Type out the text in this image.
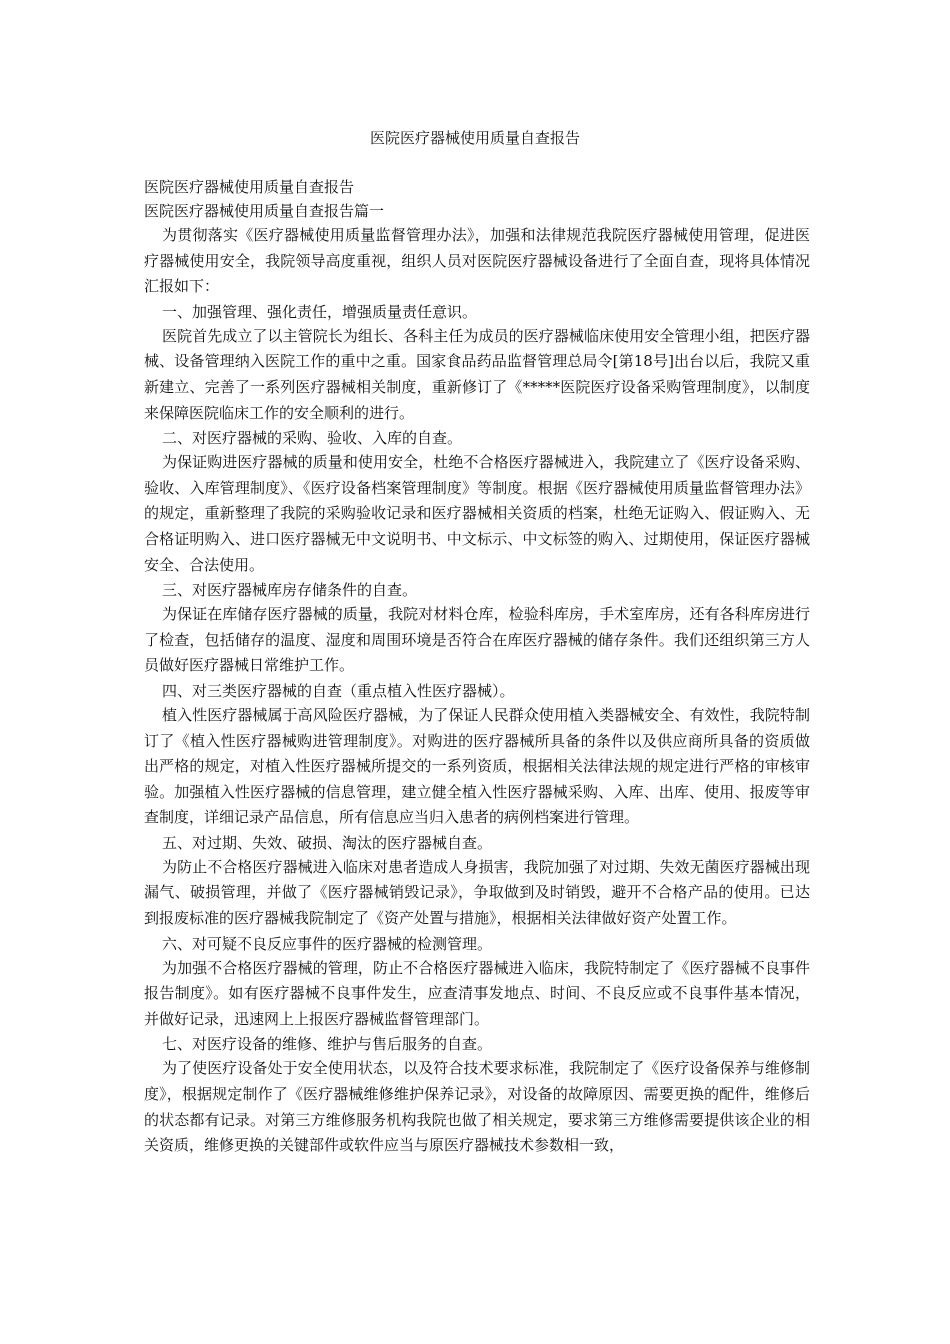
医院医疗器械使用质量自查报告

医院医疗器械使用质量自查报告

医院医疗器械使用质量自查报告篇一

为贯彻落实《医疗器械使用质量监督管理办法》，加强和法律规范我院医疗器械使用管理，促进医疗器械使用安全，我院领导高度重视，组织人员对医院医疗器械设备进行了全面自查，现将具体情况汇报如下：

一、加强管理、强化责任，增强质量责任意识。

医院首先成立了以主管院长为组长、各科主任为成员的医疗器械临床使用安全管理小组，把医疗器械、设备管理纳入医院工作的重中之重。国家食品药品监督管理总局令[第18号]出台以后，我院又重新建立、完善了一系列医疗器械相关制度，重新修订了《*****医院医疗设备采购管理制度》，以制度来保障医院临床工作的安全顺利的进行。

二、对医疗器械的采购、验收、入库的自查。

为保证购进医疗器械的质量和使用安全，杜绝不合格医疗器械进入，我院建立了《医疗设备采购、验收、入库管理制度》、《医疗设备档案管理制度》等制度。根据《医疗器械使用质量监督管理办法》的规定，重新整理了我院的采购验收记录和医疗器械相关资质的档案，杜绝无证购入、假证购入、无合格证明购入、进口医疗器械无中文说明书、中文标示、中文标签的购入、过期使用，保证医疗器械安全、合法使用。

三、对医疗器械库房存储条件的自查。

为保证在库储存医疗器械的质量，我院对材料仓库，检验科库房，手术室库房，还有各科库房进行了检查，包括储存的温度、湿度和周围环境是否符合在库医疗器械的储存条件。我们还组织第三方人员做好医疗器械日常维护工作。

四、对三类医疗器械的自查（重点植入性医疗器械）。

植入性医疗器械属于高风险医疗器械，为了保证人民群众使用植入类器械安全、有效性，我院特制订了《植入性医疗器械购进管理制度》。对购进的医疗器械所具备的条件以及供应商所具备的资质做出严格的规定，对植入性医疗器械所提交的一系列资质，根据相关法律法规的规定进行严格的审核审验。加强植入性医疗器械的信息管理，建立健全植入性医疗器械采购、入库、出库、使用、报废等审查制度，详细记录产品信息，所有信息应当归入患者的病例档案进行管理。

五、对过期、失效、破损、淘汰的医疗器械自查。

为防止不合格医疗器械进入临床对患者造成人身损害，我院加强了对过期、失效无菌医疗器械出现漏气、破损管理，并做了《医疗器械销毁记录》，争取做到及时销毁，避开不合格产品的使用。已达到报废标准的医疗器械我院制定了《资产处置与措施》，根据相关法律做好资产处置工作。

六、对可疑不良反应事件的医疗器械的检测管理。

为加强不合格医疗器械的管理，防止不合格医疗器械进入临床，我院特制定了《医疗器械不良事件报告制度》。如有医疗器械不良事件发生，应查清事发地点、时间、不良反应或不良事件基本情况，并做好记录，迅速网上上报医疗器械监督管理部门。

七、对医疗设备的维修、维护与售后服务的自查。

为了使医疗设备处于安全使用状态，以及符合技术要求标准，我院制定了《医疗设备保养与维修制度》，根据规定制作了《医疗器械维修维护保养记录》，对设备的故障原因、需要更换的配件，维修后的状态都有记录。对第三方维修服务机构我院也做了相关规定，要求第三方维修需要提供该企业的相关资质，维修更换的关键部件或软件应当与原医疗器械技术参数相一致，
